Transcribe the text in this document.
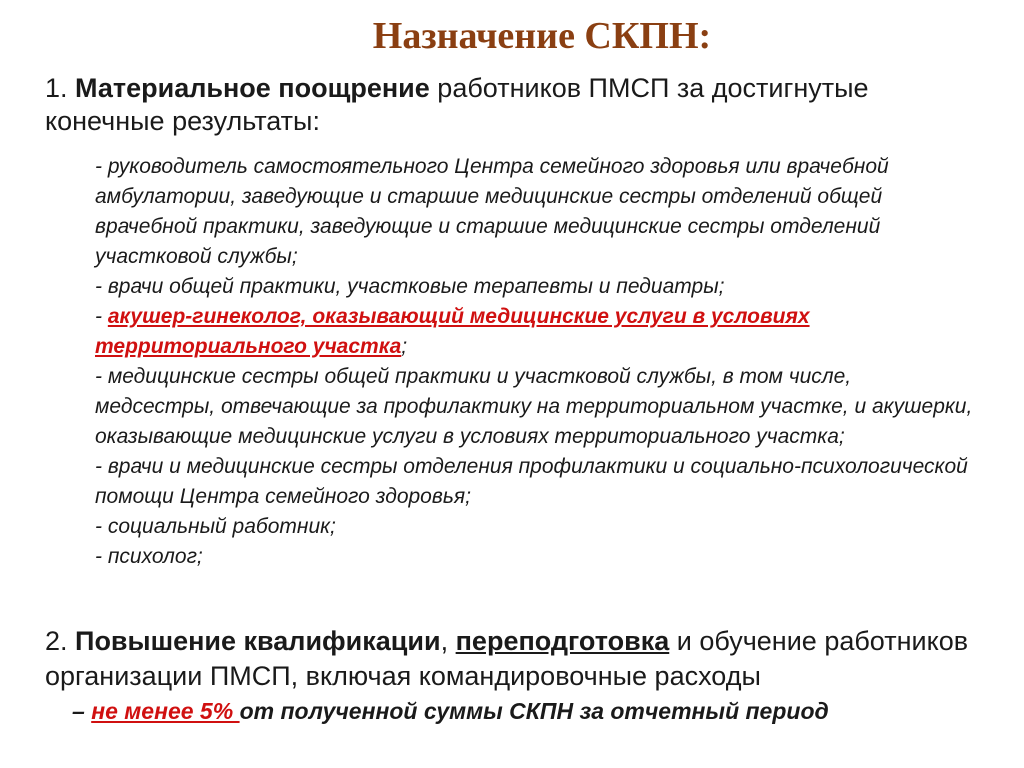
Назначение СКПН:
1. Материальное поощрение работников ПМСП за достигнутые конечные результаты:

- руководитель самостоятельного Центра семейного здоровья или врачебной амбулатории, заведующие и старшие медицинские сестры отделений общей врачебной практики, заведующие и старшие медицинские сестры отделений участковой службы;

- врачи общей практики, участковые терапевты и педиатры;

- акушер-гинеколог, оказывающий медицинские услуги в условиях территориального участка;

- медицинские сестры общей практики и участковой службы, в том числе, медсестры, отвечающие за профилактику на территориальном участке, и акушерки, оказывающие медицинские услуги в условиях территориального участка;

- врачи и медицинские сестры отделения профилактики и социально-психологической помощи Центра семейного здоровья;

- социальный работник;

- психолог;

2. Повышение квалификации, переподготовка и обучение работников организации ПМСП, включая командировочные расходы
– не менее 5% от полученной суммы СКПН за отчетный период
